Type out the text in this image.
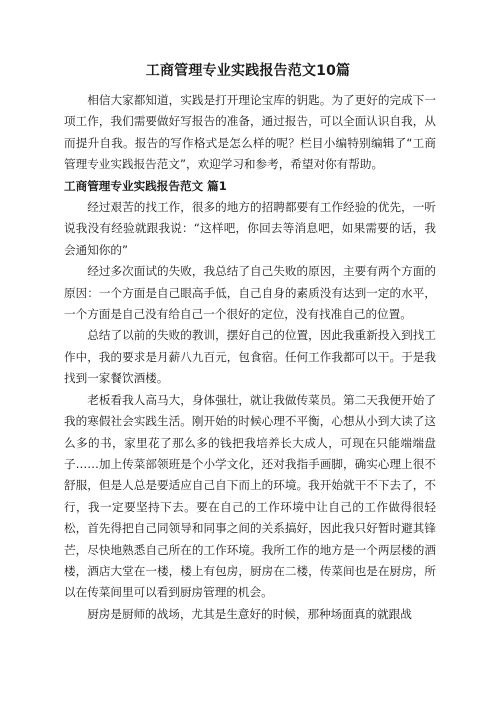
工商管理专业实践报告范文10篇

相信大家都知道，实践是打开理论宝库的钥匙。为了更好的完成下一项工作，我们需要做好写报告的准备，通过报告，可以全面认识自我，从而提升自我。报告的写作格式是怎么样的呢？栏目小编特别编辑了“工商管理专业实践报告范文”，欢迎学习和参考，希望对你有帮助。

工商管理专业实践报告范文 篇1

经过艰苦的找工作，很多的地方的招聘都要有工作经验的优先，一听说我没有经验就跟我说：“这样吧，你回去等消息吧，如果需要的话，我会通知你的”

经过多次面试的失败，我总结了自己失败的原因，主要有两个方面的原因：一个方面是自己眼高手低，自己自身的素质没有达到一定的水平，一个方面是自己没有给自己一个很好的定位，没有找准自己的位置。

总结了以前的失败的教训，摆好自己的位置，因此我重新投入到找工作中，我的要求是月薪八九百元，包食宿。任何工作我都可以干。于是我找到一家餐饮酒楼。

老板看我人高马大，身体强壮，就让我做传菜员。第二天我便开始了我的寒假社会实践生活。刚开始的时候心理不平衡，心想从小到大读了这么多的书，家里花了那么多的钱把我培养长大成人，可现在只能端端盘子……加上传菜部领班是个小学文化，还对我指手画脚，确实心理上很不舒服，但是人总是要适应自己自下而上的环境。我开始就干不下去了，不行，我一定要坚持下去。要在自己的工作环境中让自己的工作做得很轻松，首先得把自己同领导和同事之间的关系搞好，因此我只好暂时避其锋芒，尽快地熟悉自己所在的工作环境。我所工作的地方是一个两层楼的酒楼，酒店大堂在一楼，楼上有包房，厨房在二楼，传菜间也是在厨房，所以在传菜间里可以看到厨房管理的机会。

厨房是厨师的战场，尤其是生意好的时候，那种场面真的就跟战
